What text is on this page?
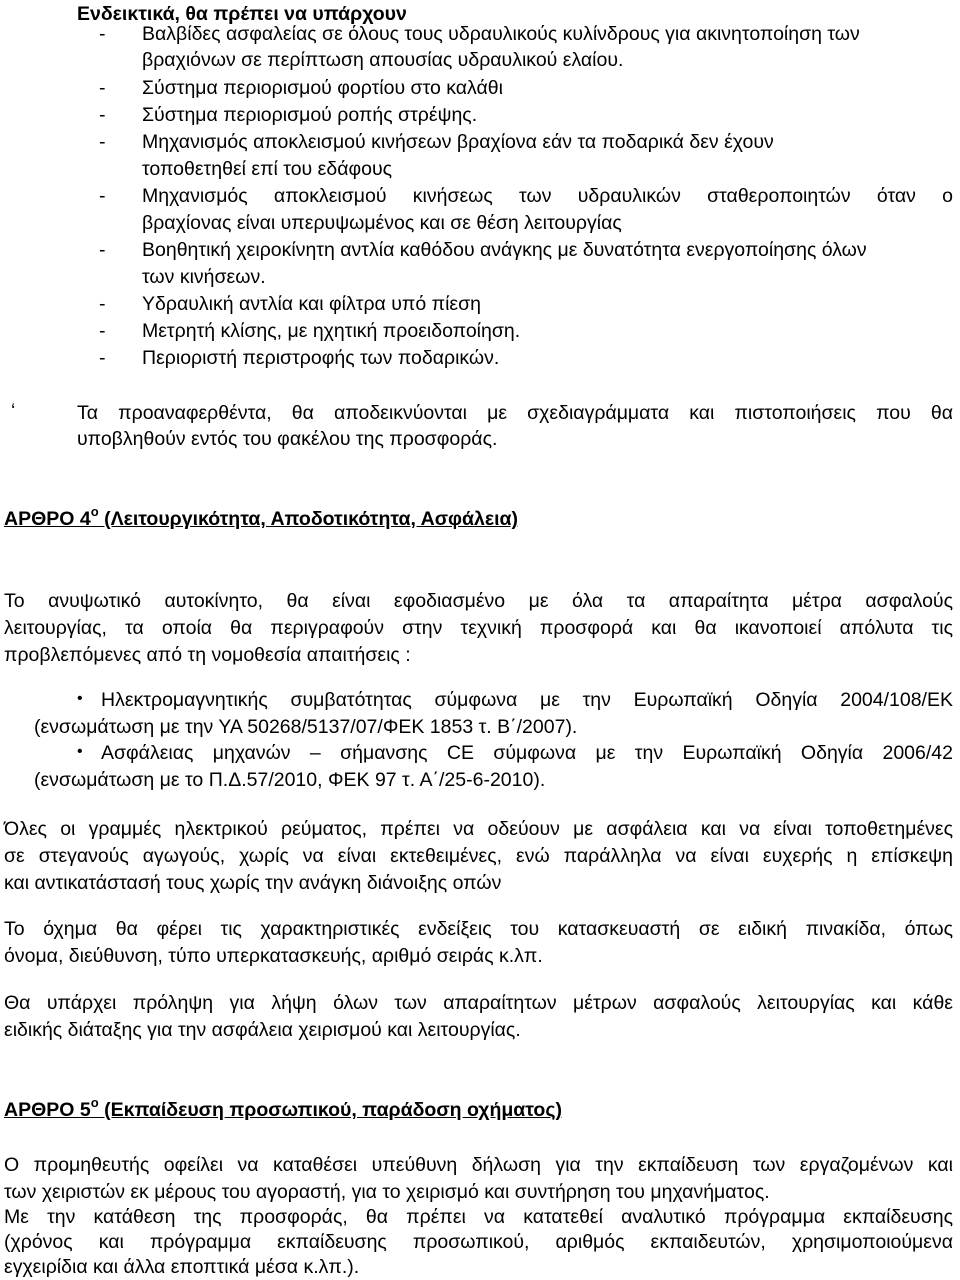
Ενδεικτικά, θα πρέπει να υπάρχουν
- Βαλβίδες ασφαλείας σε όλους τους υδραυλικούς κυλίνδρους για ακινητοποίηση των
βραχιόνων σε περίπτωση απουσίας υδραυλικού ελαίου.
- Σύστημα περιορισμού φορτίου στο καλάθι
- Σύστημα περιορισμού ροπής στρέψης.
- Μηχανισμός αποκλεισμού κινήσεων βραχίονα εάν τα ποδαρικά δεν έχουν
τοποθετηθεί επί του εδάφους
- Μηχανισμός αποκλεισμού κινήσεως των υδραυλικών σταθεροποιητών όταν ο
βραχίονας είναι υπερυψωμένος και σε θέση λειτουργίας
- Βοηθητική χειροκίνητη αντλία καθόδου ανάγκης με δυνατότητα ενεργοποίησης όλων
των κινήσεων.
- Υδραυλική αντλία και φίλτρα υπό πίεση
- Μετρητή κλίσης, με ηχητική προειδοποίηση.
- Περιοριστή περιστροφής των ποδαρικών.
‘	Τα προαναφερθέντα, θα αποδεικνύονται με σχεδιαγράμματα και πιστοποιήσεις που θα
υποβληθούν εντός του φακέλου της προσφοράς.
ΑΡΘΡΟ $4^o$ (Λειτουργικότητα, Αποδοτικότητα, Ασφάλεια)
Το ανυψωτικό αυτοκίνητο, θα είναι εφοδιασμένο με όλα τα απαραίτητα μέτρα ασφαλούς
λειτουργίας, τα οποία θα περιγραφούν στην τεχνική προσφορά και θα ικανοποιεί απόλυτα τις
προβλεπόμενες από τη νομοθεσία απαιτήσεις :
• Ηλεκτρομαγνητικής συμβατότητας σύμφωνα με την Ευρωπαϊκή Οδηγία 2004/108/ΕΚ
(ενσωμάτωση με την ΥΑ 50268/5137/07/ΦΕΚ 1853 τ. Β΄/2007).
• Ασφάλειας μηχανών – σήμανσης CE σύμφωνα με την Ευρωπαϊκή Οδηγία 2006/42
(ενσωμάτωση με το Π.Δ.57/2010, ΦΕΚ 97 τ. Α΄/25-6-2010).
Όλες οι γραμμές ηλεκτρικού ρεύματος, πρέπει να οδεύουν με ασφάλεια και να είναι τοποθετημένες
σε στεγανούς αγωγούς, χωρίς να είναι εκτεθειμένες, ενώ παράλληλα να είναι ευχερής η επίσκεψη
και αντικατάστασή τους χωρίς την ανάγκη διάνοιξης οπών
Το όχημα θα φέρει τις χαρακτηριστικές ενδείξεις του κατασκευαστή σε ειδική πινακίδα, όπως
όνομα, διεύθυνση, τύπο υπερκατασκευής, αριθμό σειράς κ.λπ.
Θα υπάρχει πρόληψη για λήψη όλων των απαραίτητων μέτρων ασφαλούς λειτουργίας και κάθε
ειδικής διάταξης για την ασφάλεια χειρισμού και λειτουργίας.
ΑΡΘΡΟ $5^o$ (Εκπαίδευση προσωπικού, παράδοση οχήματος)
Ο προμηθευτής οφείλει να καταθέσει υπεύθυνη δήλωση για την εκπαίδευση των εργαζομένων και
των χειριστών εκ μέρους του αγοραστή, για το χειρισμό και συντήρηση του μηχανήματος.
Με την κατάθεση της προσφοράς, θα πρέπει να κατατεθεί αναλυτικό πρόγραμμα εκπαίδευσης
(χρόνος και πρόγραμμα εκπαίδευσης προσωπικού, αριθμός εκπαιδευτών, χρησιμοποιούμενα
εγχειρίδια και άλλα εποπτικά μέσα κ.λπ.).
